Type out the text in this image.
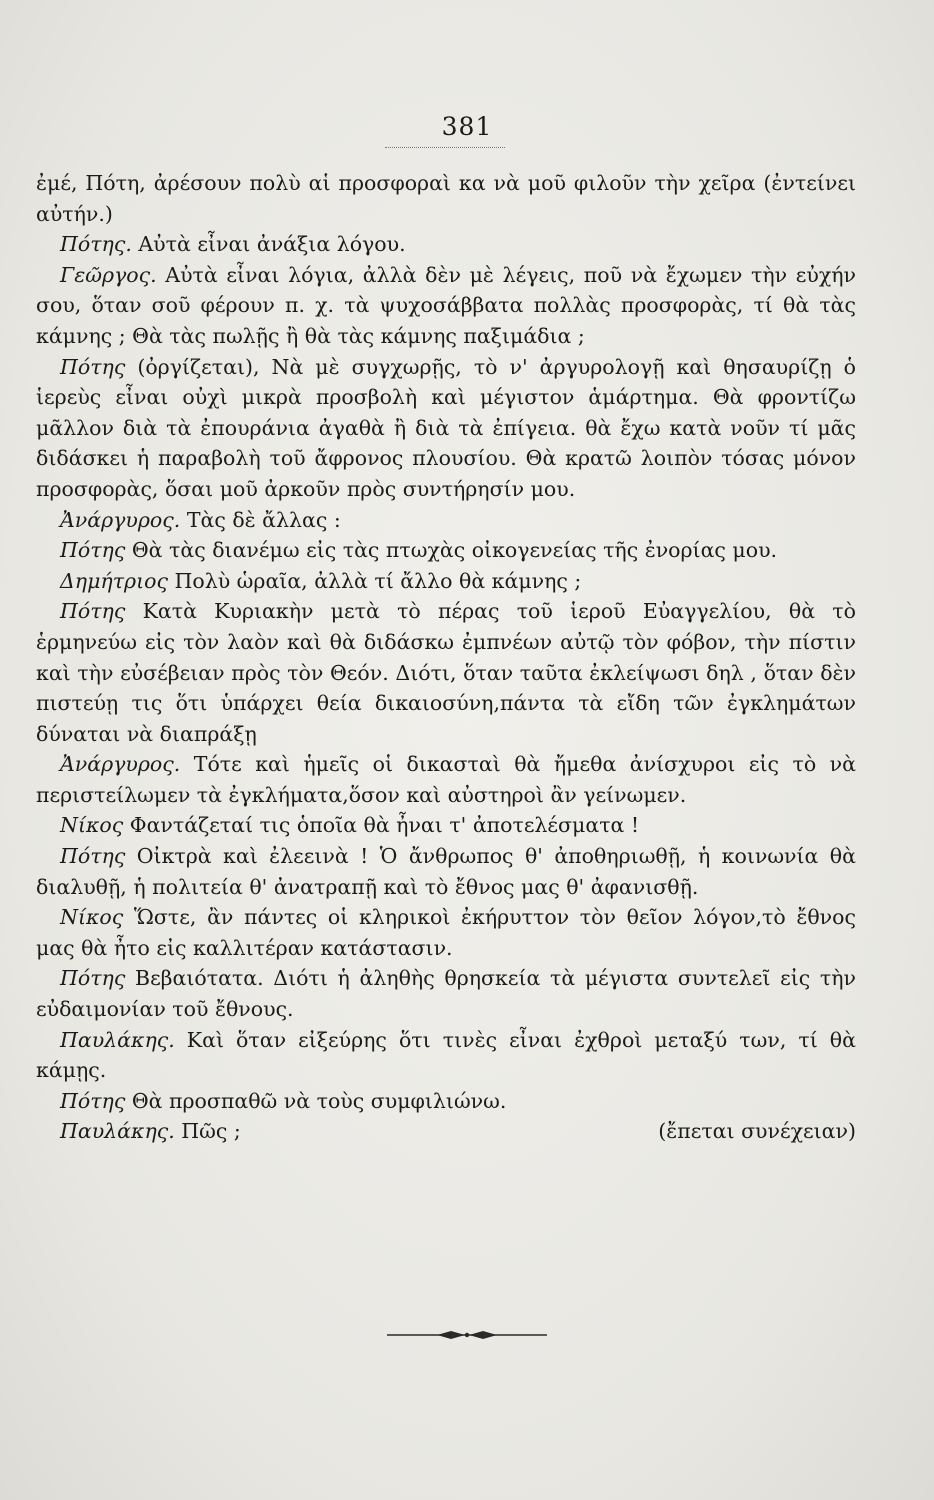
381

ἐμέ, Πότη, ἀρέσουν πολὺ αἱ προσφοραὶ κα νὰ μοῦ φιλοῦν τὴν χεῖρα (ἐντείνει αὐτήν.)

Πότης. Αὐτὰ εἶναι ἀνάξια λόγου.

Γεῶργος. Αὐτὰ εἶναι λόγια, ἀλλὰ δὲν μὲ λέγεις, ποῦ νὰ ἔχωμεν τὴν εὐχήν σου, ὅταν σοῦ φέρουν π. χ. τὰ ψυχοσάββατα πολλὰς προσφορὰς, τί θὰ τὰς κάμνης ; Θὰ τὰς πωλῇς ἢ θὰ τὰς κάμνης παξιμάδια ;

Πότης (ὀργίζεται), Νὰ μὲ συγχωρῇς, τὸ ν' ἀργυρολογῇ καὶ θησαυρίζῃ ὁ ἱερεὺς εἶναι οὐχὶ μικρὰ προσβολὴ καὶ μέγιστον ἁμάρτημα. Θὰ φροντίζω μᾶλλον διὰ τὰ ἐπουράνια ἀγαθὰ ἢ διὰ τὰ ἐπίγεια. θὰ ἔχω κατὰ νοῦν τί μᾶς διδάσκει ἡ παραβολὴ τοῦ ἄφρονος πλουσίου. Θὰ κρατῶ λοιπὸν τόσας μόνον προσφορὰς, ὅσαι μοῦ ἀρκοῦν πρὸς συντήρησίν μου.

Ἀνάργυρος. Τὰς δὲ ἄλλας :

Πότης Θὰ τὰς διανέμω εἰς τὰς πτωχὰς οἰκογενείας τῆς ἐνορίας μου.

Δημήτριος Πολὺ ὡραῖα, ἀλλὰ τί ἄλλο θὰ κάμνης ;

Πότης Κατὰ Κυριακὴν μετὰ τὸ πέρας τοῦ ἱεροῦ Εὐαγγελίου, θὰ τὸ ἑρμηνεύω εἰς τὸν λαὸν καὶ θὰ διδάσκω ἐμπνέων αὐτῷ τὸν φόβον, τὴν πίστιν καὶ τὴν εὐσέβειαν πρὸς τὸν Θεόν. Διότι, ὅταν ταῦτα ἐκλείψωσι δηλ , ὅταν δὲν πιστεύῃ τις ὅτι ὑπάρχει θεία δικαιοσύνη,πάντα τὰ εἴδη τῶν ἐγκλημάτων δύναται νὰ διαπράξῃ

Ἀνάργυρος. Τότε καὶ ἡμεῖς οἱ δικασταὶ θὰ ἤμεθα ἀνίσχυροι εἰς τὸ νὰ περιστείλωμεν τὰ ἐγκλήματα,ὅσον καὶ αὐστηροὶ ἂν γείνωμεν.

Νίκος Φαντάζεταί τις ὁποῖα θὰ ἦναι τ' ἀποτελέσματα !

Πότης Οἰκτρὰ καὶ ἐλεεινὰ ! Ὁ ἄνθρωπος θ' ἀποθηριωθῇ, ἡ κοινωνία θὰ διαλυθῇ, ἡ πολιτεία θ' ἀνατραπῇ καὶ τὸ ἔθνος μας θ' ἀφανισθῇ.

Νίκος Ὥστε, ἂν πάντες οἱ κληρικοὶ ἐκήρυττον τὸν θεῖον λόγον,τὸ ἔθνος μας θὰ ἦτο εἰς καλλιτέραν κατάστασιν.

Πότης Βεβαιότατα. Διότι ἡ ἀληθὴς θρησκεία τὰ μέγιστα συντελεῖ εἰς τὴν εὐδαιμονίαν τοῦ ἔθνους.

Παυλάκης. Καὶ ὅταν εἰξεύρης ὅτι τινὲς εἶναι ἐχθροὶ μεταξύ των, τί θὰ κάμῃς.

Πότης Θὰ προσπαθῶ νὰ τοὺς συμφιλιώνω.

Παυλάκης. Πῶς ;	(ἔπεται συνέχειαν)
